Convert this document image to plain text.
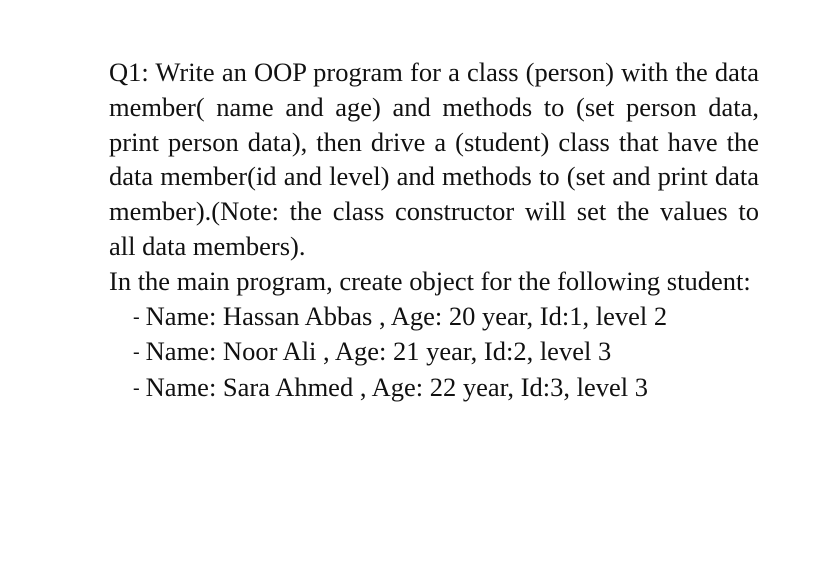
Q1: Write an OOP program for a class (person) with the data member( name and age) and methods to (set person data, print person data), then drive a (student) class that have the data member(id and level) and methods to (set and print data member).(Note: the class constructor will set the values to all data members).

In the main program, create object for the following student:

- Name: Hassan Abbas , Age: 20 year, Id:1, level 2
- Name: Noor Ali , Age: 21 year, Id:2, level 3
- Name: Sara Ahmed , Age: 22 year, Id:3, level 3
